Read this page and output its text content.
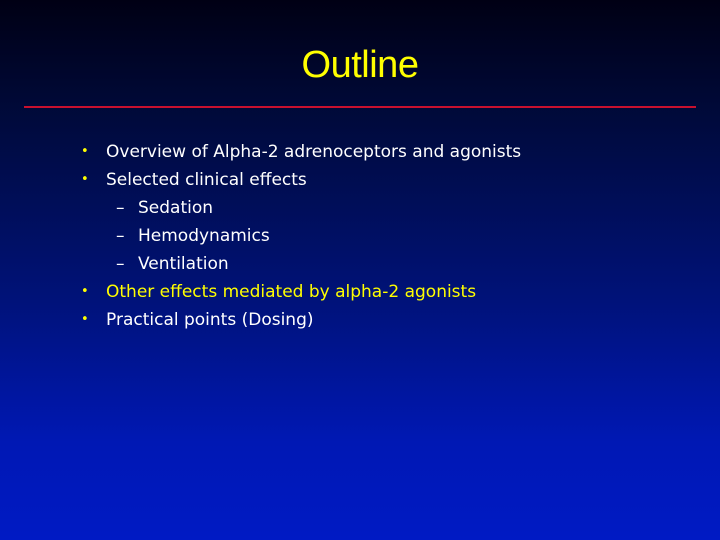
Outline
• Overview of Alpha-2 adrenoceptors and agonists
• Selected clinical effects
– Sedation
– Hemodynamics
– Ventilation
• Other effects mediated by alpha-2 agonists
• Practical points (Dosing)
